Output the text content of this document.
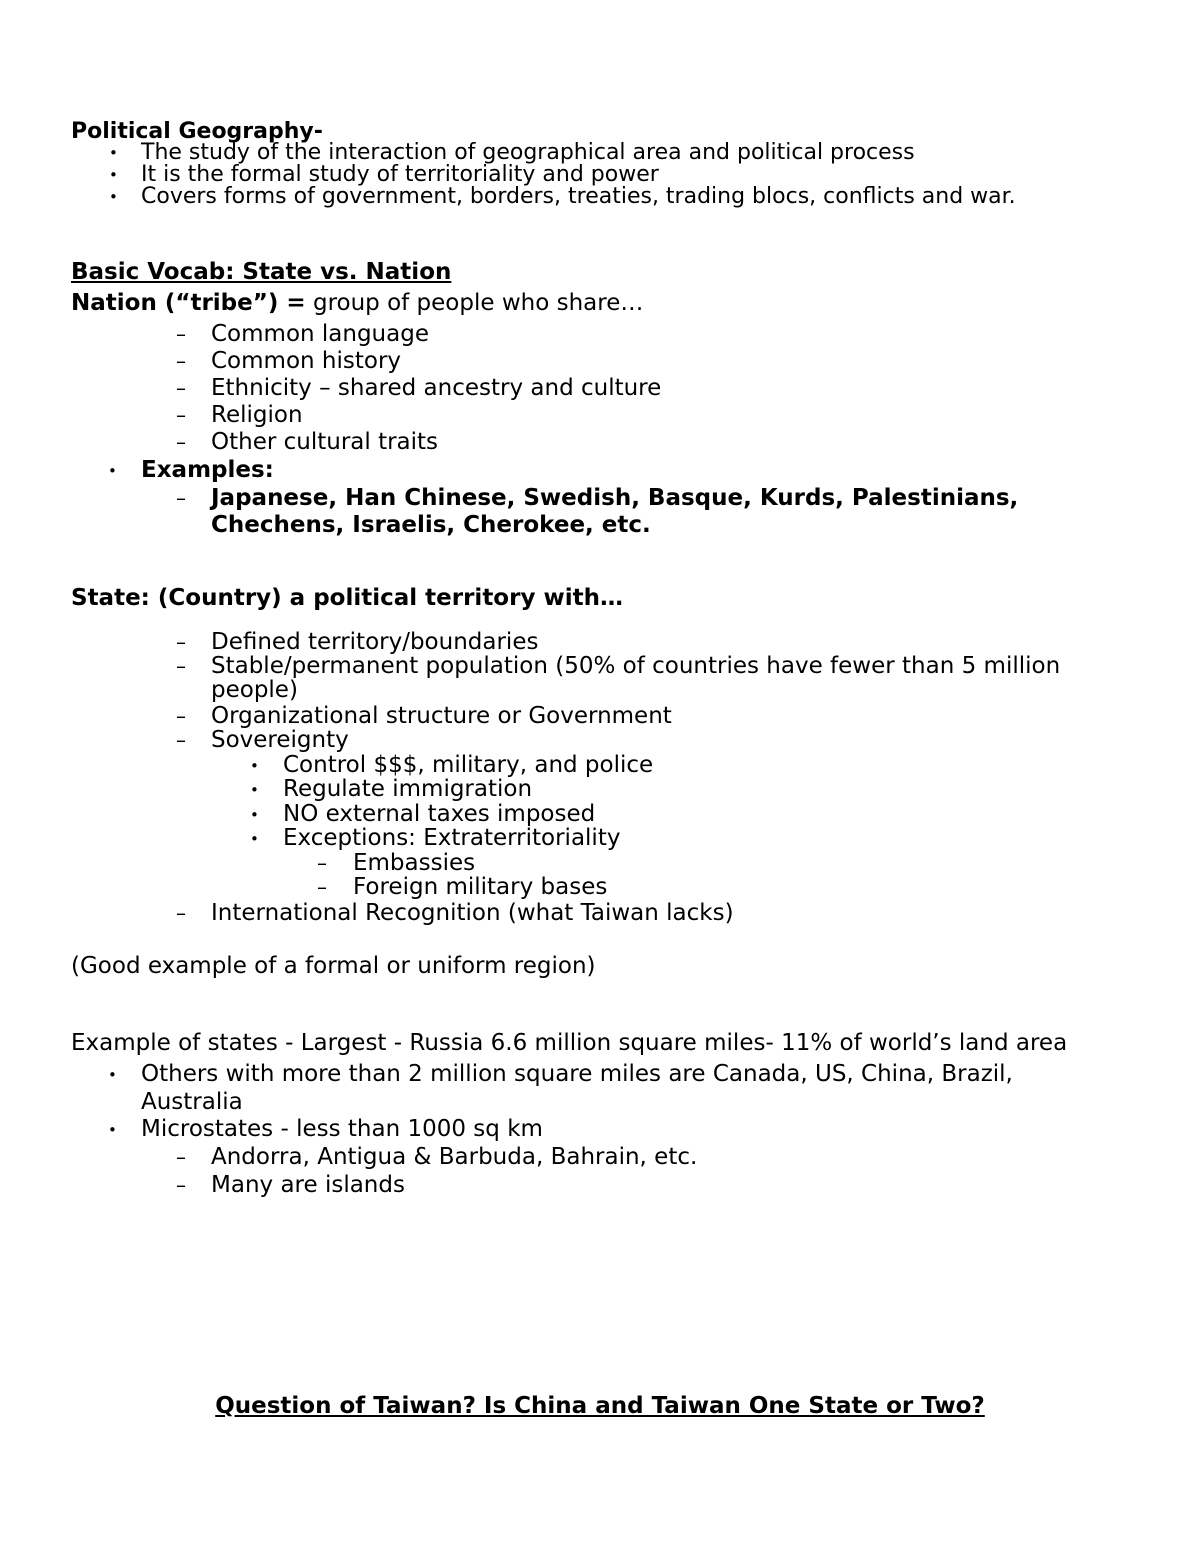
Political Geography-
• The study of the interaction of geographical area and political process
• It is the formal study of territoriality and power
• Covers forms of government, borders, treaties, trading blocs, conflicts and war.
Basic Vocab: State vs. Nation
Nation (“tribe”) = group of people who share…
– Common language
– Common history
– Ethnicity – shared ancestry and culture
– Religion
– Other cultural traits
• Examples:
– Japanese, Han Chinese, Swedish, Basque, Kurds, Palestinians,
Chechens, Israelis, Cherokee, etc.
State: (Country) a political territory with…
– Defined territory/boundaries
– Stable/permanent population (50% of countries have fewer than 5 million
people)
– Organizational structure or Government
– Sovereignty
• Control $$$, military, and police
• Regulate immigration
• NO external taxes imposed
• Exceptions: Extraterritoriality
– Embassies
– Foreign military bases
– International Recognition (what Taiwan lacks)
(Good example of a formal or uniform region)
Example of states - Largest - Russia 6.6 million square miles- 11% of world’s land area
• Others with more than 2 million square miles are Canada, US, China, Brazil,
Australia
• Microstates - less than 1000 sq km
– Andorra, Antigua & Barbuda, Bahrain, etc.
– Many are islands
Question of Taiwan? Is China and Taiwan One State or Two?
